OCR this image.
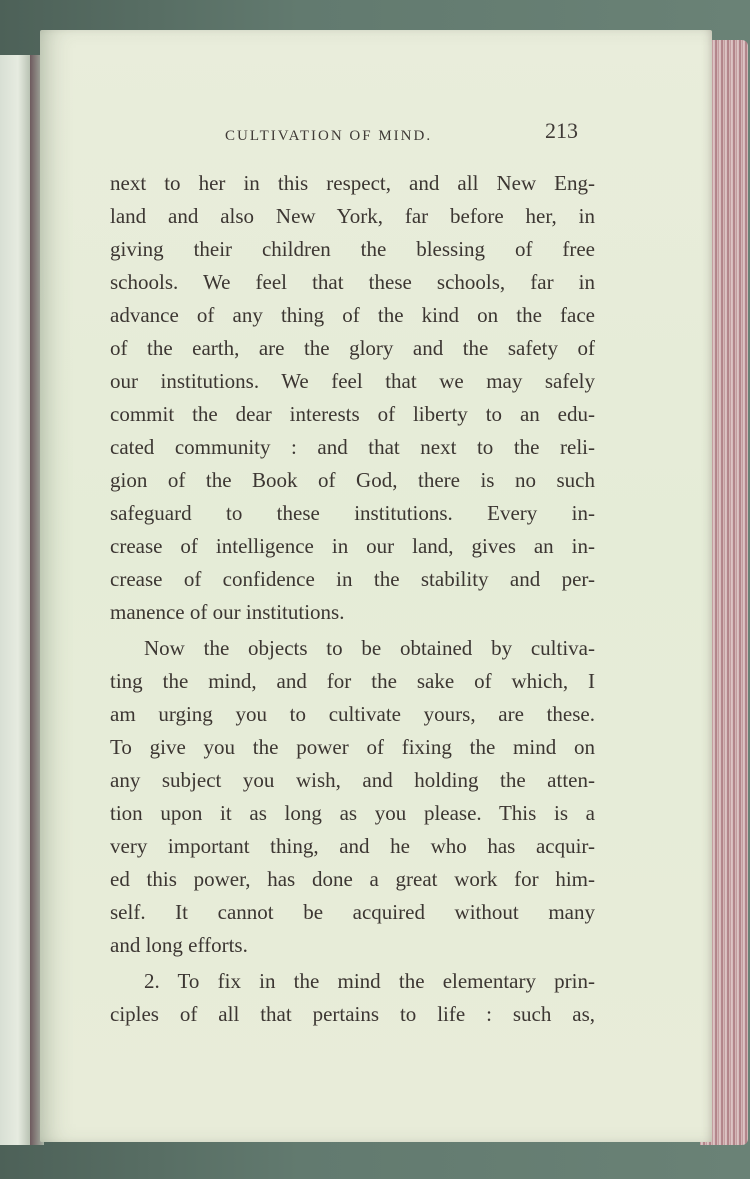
CULTIVATION OF MIND.	213
next to her in this respect, and all New Eng-
land and also New York, far before her, in
giving their children the blessing of free
schools. We feel that these schools, far in
advance of any thing of the kind on the face
of the earth, are the glory and the safety of
our institutions. We feel that we may safely
commit the dear interests of liberty to an edu-
cated community : and that next to the reli-
gion of the Book of God, there is no such
safeguard to these institutions. Every in-
crease of intelligence in our land, gives an in-
crease of confidence in the stability and per-
manence of our institutions.
Now the objects to be obtained by cultiva-
ting the mind, and for the sake of which, I
am urging you to cultivate yours, are these.
To give you the power of fixing the mind on
any subject you wish, and holding the atten-
tion upon it as long as you please. This is a
very important thing, and he who has acquir-
ed this power, has done a great work for him-
self. It cannot be acquired without many
and long efforts.
2. To fix in the mind the elementary prin-
ciples of all that pertains to life : such as,
